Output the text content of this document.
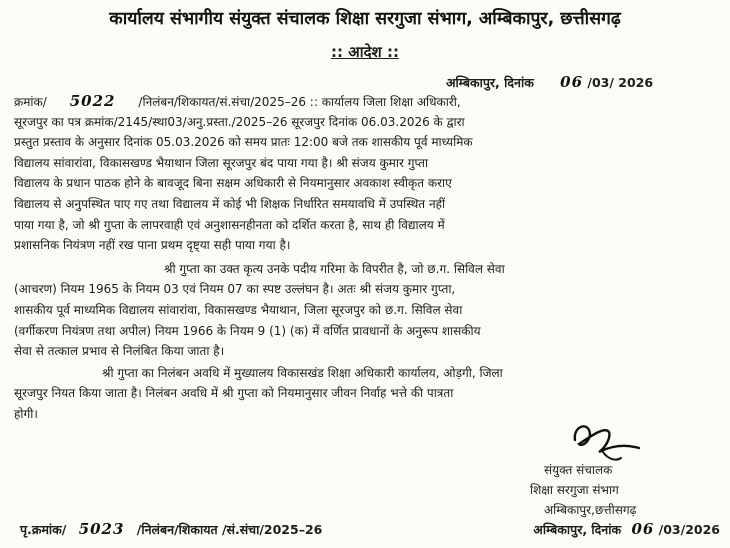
कार्यालय संभागीय संयुक्त संचालक शिक्षा सरगुजा संभाग, अम्बिकापुर, छत्तीसगढ़
:: आदेश ::
अम्बिकापुर, दिनांक 06 /03/ 2026
क्रमांक/ 5022 /निलंबन/शिकायत/सं.संचा/2025–26 :: कार्यालय जिला शिक्षा अधिकारी,
सूरजपुर का पत्र क्रमांक/2145/स्था03/अनु.प्रस्ता./2025–26 सूरजपुर दिनांक 06.03.2026 के द्वारा
प्रस्तुत प्रस्ताव के अनुसार दिनांक 05.03.2026 को समय प्रातः 12:00 बजे तक शासकीय पूर्व माध्यमिक
विद्यालय सांवारांवा, विकासखण्ड भैयाथान जिला सूरजपुर बंद पाया गया है। श्री संजय कुमार गुप्ता
विद्यालय के प्रधान पाठक होने के बावजूद बिना सक्षम अधिकारी से नियमानुसार अवकाश स्वीकृत कराए
विद्यालय से अनुपस्थित पाए गए तथा विद्यालय में कोई भी शिक्षक निर्धारित समयावधि में उपस्थित नहीं
पाया गया है, जो श्री गुप्ता के लापरवाही एवं अनुशासनहीनता को दर्शित करता है, साथ ही विद्यालय में
प्रशासनिक नियंत्रण नहीं रख पाना प्रथम दृष्ट्या सही पाया गया है।
श्री गुप्ता का उक्त कृत्य उनके पदीय गरिमा के विपरीत है, जो छ.ग. सिविल सेवा
(आचरण) नियम 1965 के नियम 03 एवं नियम 07 का स्पष्ट उल्लंघन है। अतः श्री संजय कुमार गुप्ता,
शासकीय पूर्व माध्यमिक विद्यालय सांवारांवा, विकासखण्ड भैयाथान, जिला सूरजपुर को छ.ग. सिविल सेवा
(वर्गीकरण नियंत्रण तथा अपील) नियम 1966 के नियम 9 (1) (क) में वर्णित प्रावधानों के अनुरूप शासकीय
सेवा से तत्काल प्रभाव से निलंबित किया जाता है।
श्री गुप्ता का निलंबन अवधि में मुख्यालय विकासखंड शिक्षा अधिकारी कार्यालय, ओड़गी, जिला
सूरजपुर नियत किया जाता है। निलंबन अवधि में श्री गुप्ता को नियमानुसार जीवन निर्वाह भत्ते की पात्रता
होगी।
संयुक्त संचालक
शिक्षा सरगुजा संभाग
अम्बिकापुर,छत्तीसगढ़
पृ.क्रमांक/ 5023 /निलंबन/शिकायत /सं.संचा/2025–26	अम्बिकापुर, दिनांक 06 /03/2026
